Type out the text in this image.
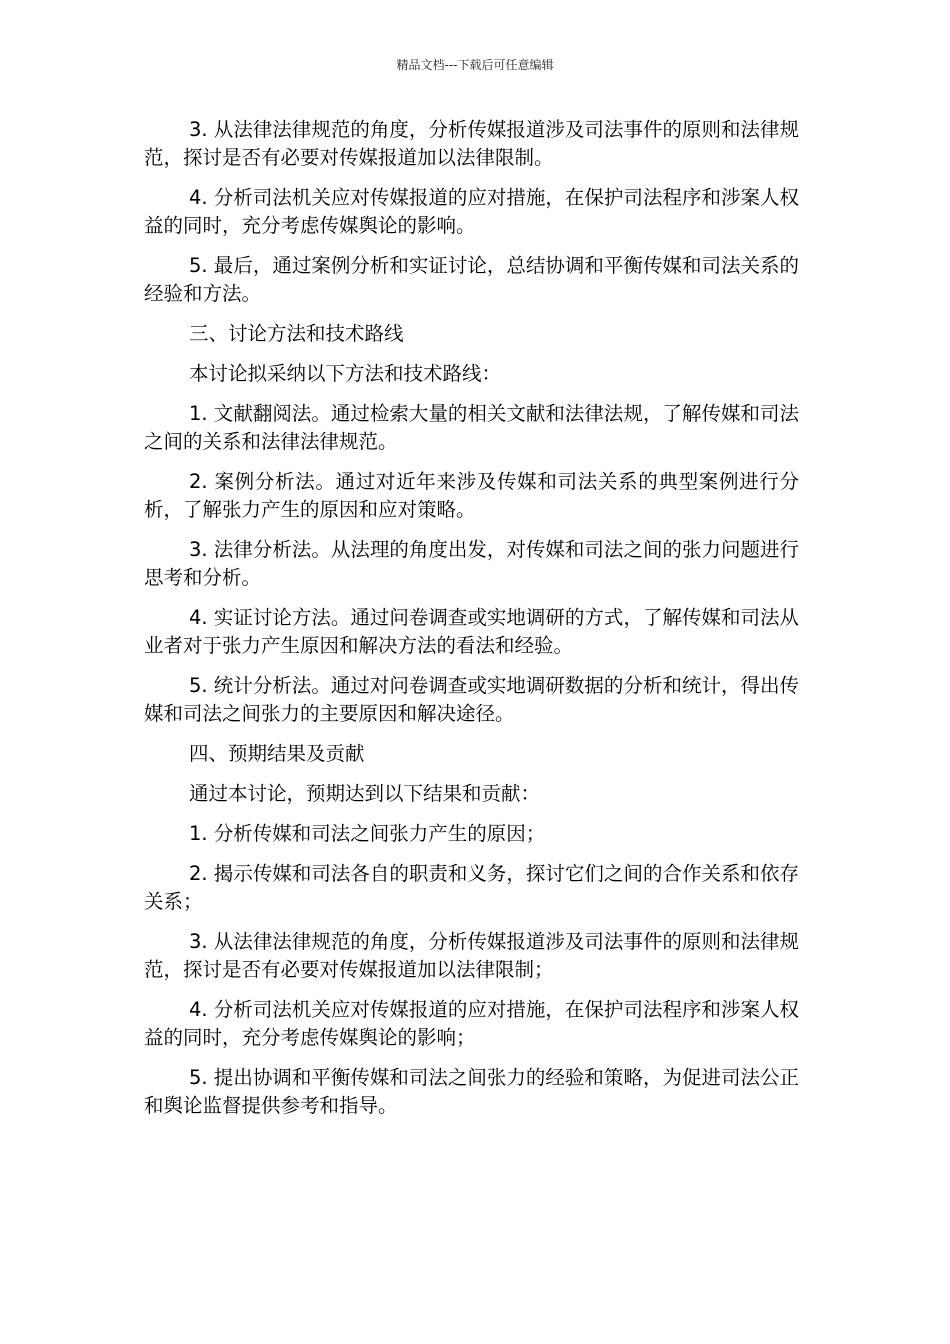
精品文档---下载后可任意编辑

3. 从法律法律规范的角度，分析传媒报道涉及司法事件的原则和法律规范，探讨是否有必要对传媒报道加以法律限制。

4. 分析司法机关应对传媒报道的应对措施，在保护司法程序和涉案人权益的同时，充分考虑传媒舆论的影响。

5. 最后，通过案例分析和实证讨论，总结协调和平衡传媒和司法关系的经验和方法。

三、讨论方法和技术路线

本讨论拟采纳以下方法和技术路线：

1. 文献翻阅法。通过检索大量的相关文献和法律法规，了解传媒和司法之间的关系和法律法律规范。

2. 案例分析法。通过对近年来涉及传媒和司法关系的典型案例进行分析，了解张力产生的原因和应对策略。

3. 法律分析法。从法理的角度出发，对传媒和司法之间的张力问题进行思考和分析。

4. 实证讨论方法。通过问卷调查或实地调研的方式，了解传媒和司法从业者对于张力产生原因和解决方法的看法和经验。

5. 统计分析法。通过对问卷调查或实地调研数据的分析和统计，得出传媒和司法之间张力的主要原因和解决途径。

四、预期结果及贡献

通过本讨论，预期达到以下结果和贡献：

1. 分析传媒和司法之间张力产生的原因；

2. 揭示传媒和司法各自的职责和义务，探讨它们之间的合作关系和依存关系；

3. 从法律法律规范的角度，分析传媒报道涉及司法事件的原则和法律规范，探讨是否有必要对传媒报道加以法律限制；

4. 分析司法机关应对传媒报道的应对措施，在保护司法程序和涉案人权益的同时，充分考虑传媒舆论的影响；

5. 提出协调和平衡传媒和司法之间张力的经验和策略，为促进司法公正和舆论监督提供参考和指导。
